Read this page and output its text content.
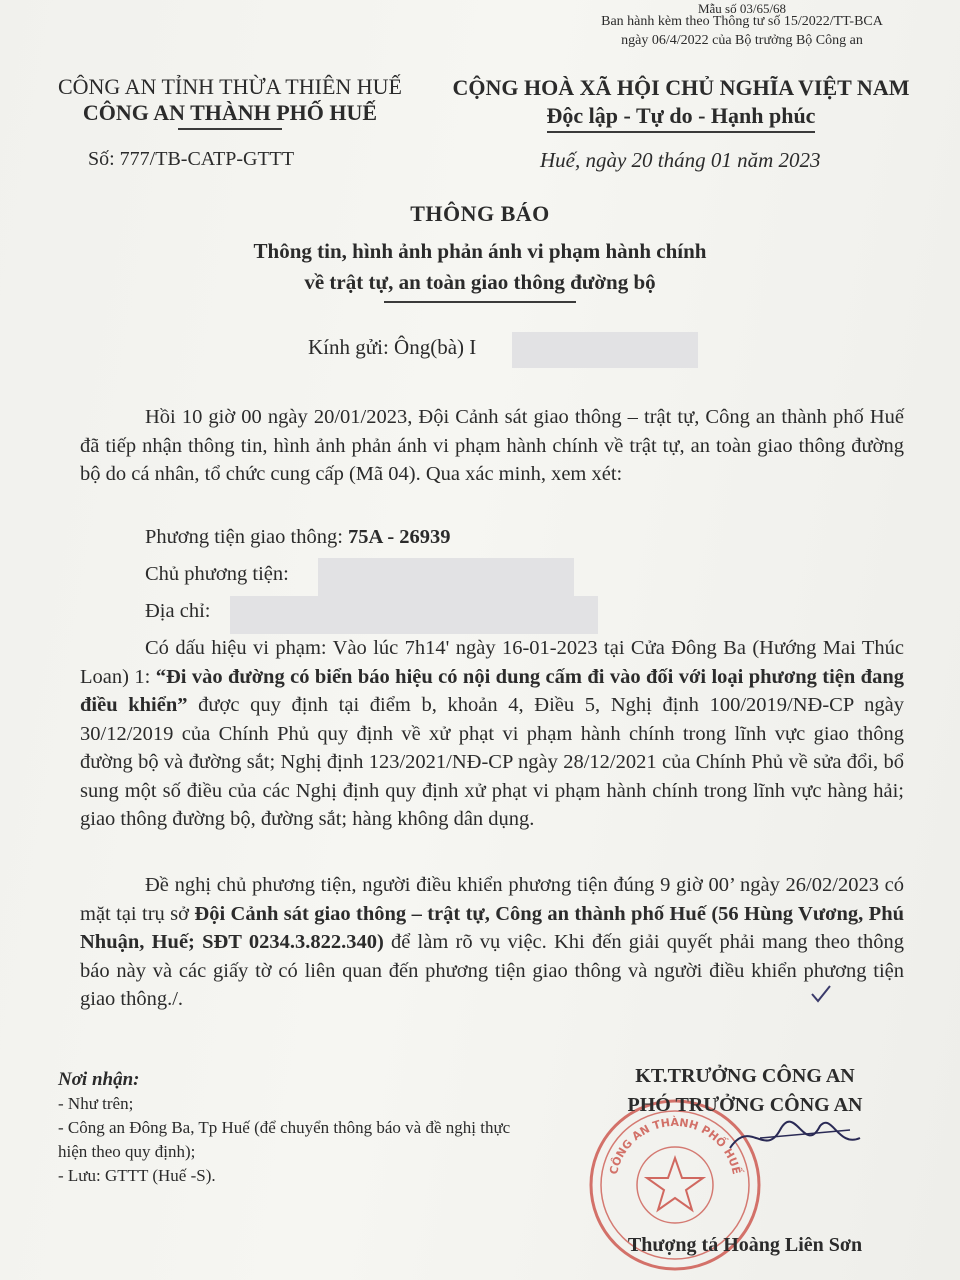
Mẫu số 03/65/68
Ban hành kèm theo Thông tư số 15/2022/TT-BCA
ngày 06/4/2022 của Bộ trưởng Bộ Công an
CÔNG AN TỈNH THỪA THIÊN HUẾ
CÔNG AN THÀNH PHỐ HUẾ
CỘNG HOÀ XÃ HỘI CHỦ NGHĨA VIỆT NAM
Độc lập - Tự do - Hạnh phúc
Số: 777/TB-CATP-GTTT	Huế, ngày 20 tháng 01 năm 2023
THÔNG BÁO
Thông tin, hình ảnh phản ánh vi phạm hành chính
về trật tự, an toàn giao thông đường bộ
Kính gửi: Ông(bà) I
Hồi 10 giờ 00 ngày 20/01/2023, Đội Cảnh sát giao thông – trật tự, Công an thành phố Huế đã tiếp nhận thông tin, hình ảnh phản ánh vi phạm hành chính về trật tự, an toàn giao thông đường bộ do cá nhân, tổ chức cung cấp (Mã 04). Qua xác minh, xem xét:
Phương tiện giao thông: 75A - 26939
Chủ phương tiện:
Địa chỉ:
Có dấu hiệu vi phạm: Vào lúc 7h14' ngày 16-01-2023 tại Cửa Đông Ba (Hướng Mai Thúc Loan) 1: “Đi vào đường có biển báo hiệu có nội dung cấm đi vào đối với loại phương tiện đang điều khiển” được quy định tại điểm b, khoản 4, Điều 5, Nghị định 100/2019/NĐ-CP ngày 30/12/2019 của Chính Phủ quy định về xử phạt vi phạm hành chính trong lĩnh vực giao thông đường bộ và đường sắt; Nghị định 123/2021/NĐ-CP ngày 28/12/2021 của Chính Phủ về sửa đổi, bổ sung một số điều của các Nghị định quy định xử phạt vi phạm hành chính trong lĩnh vực hàng hải; giao thông đường bộ, đường sắt; hàng không dân dụng.
Đề nghị chủ phương tiện, người điều khiển phương tiện đúng 9 giờ 00’ ngày 26/02/2023 có mặt tại trụ sở Đội Cảnh sát giao thông – trật tự, Công an thành phố Huế (56 Hùng Vương, Phú Nhuận, Huế; SĐT 0234.3.822.340) để làm rõ vụ việc. Khi đến giải quyết phải mang theo thông báo này và các giấy tờ có liên quan đến phương tiện giao thông và người điều khiển phương tiện giao thông./.
Nơi nhận:
- Như trên;
- Công an Đông Ba, Tp Huế (để chuyển thông báo và đề nghị thực hiện theo quy định);
- Lưu: GTTT (Huế -S).	CÔNG AN THÀNH PHỐ HUẾ
KT.TRƯỞNG CÔNG AN
PHÓ TRƯỞNG CÔNG AN
Thượng tá Hoàng Liên Sơn
